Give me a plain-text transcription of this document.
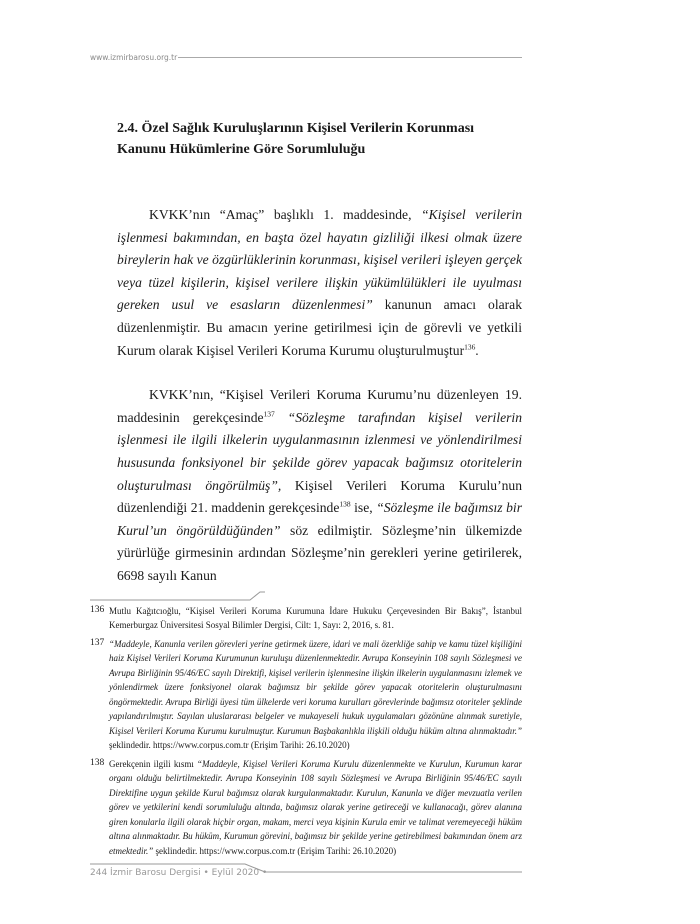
www.izmirbarosu.org.tr
2.4. Özel Sağlık Kuruluşlarının Kişisel Verilerin Korunması Kanunu Hükümlerine Göre Sorumluluğu

KVKK’nın “Amaç” başlıklı 1. maddesinde, “Kişisel verilerin işlenmesi bakımından, en başta özel hayatın gizliliği ilkesi olmak üzere bireylerin hak ve özgürlüklerinin korunması, kişisel verileri işleyen gerçek veya tüzel kişilerin, kişisel verilere ilişkin yükümlülükleri ile uyulması gereken usul ve esasların düzenlenmesi” kanunun amacı olarak düzenlenmiştir. Bu amacın yerine getirilmesi için de görevli ve yetkili Kurum olarak Kişisel Verileri Koruma Kurumu oluşturulmuştur$^{136}$.

KVKK’nın, “Kişisel Verileri Koruma Kurumu’nu düzenleyen 19. maddesinin gerekçesinde$^{137}$ “Sözleşme tarafından kişisel verilerin işlenmesi ile ilgili ilkelerin uygulanmasının izlenmesi ve yönlendirilmesi hususunda fonksiyonel bir şekilde görev yapacak bağımsız otoritelerin oluşturulması öngörülmüş”, Kişisel Verileri Koruma Kurulu’nun düzenlendiği 21. maddenin gerekçesinde$^{138}$ ise, “Sözleşme ile bağımsız bir Kurul’un öngörüldüğünden” söz edilmiştir. Sözleşme’nin ülkemizde yürürlüğe girmesinin ardından Sözleşme’nin gerekleri yerine getirilerek, 6698 sayılı Kanun

136 Mutlu Kağıtcıoğlu, “Kişisel Verileri Koruma Kurumuna İdare Hukuku Çerçevesinden Bir Bakış”, İstanbul Kemerburgaz Üniversitesi Sosyal Bilimler Dergisi, Cilt: 1, Sayı: 2, 2016, s. 81.
137 “Maddeyle, Kanunla verilen görevleri yerine getirmek üzere, idari ve mali özerkliğe sahip ve kamu tüzel kişiliğini haiz Kişisel Verileri Koruma Kurumunun kuruluşu düzenlenmektedir. Avrupa Konseyinin 108 sayılı Sözleşmesi ve Avrupa Birliğinin 95/46/EC sayılı Direktifi, kişisel verilerin işlenmesine ilişkin ilkelerin uygulanmasını izlemek ve yönlendirmek üzere fonksiyonel olarak bağımsız bir şekilde görev yapacak otoritelerin oluşturulmasını öngörmektedir. Avrupa Birliği üyesi tüm ülkelerde veri koruma kurulları görevlerinde bağımsız otoriteler şeklinde yapılandırılmıştır. Sayılan uluslararası belgeler ve mukayeseli hukuk uygulamaları gözönüne alınmak suretiyle, Kişisel Verileri Koruma Kurumu kurulmuştur. Kurumun Başbakanlıkla ilişkili olduğu hüküm altına alınmaktadır.” şeklindedir. https://www.corpus.com.tr (Erişim Tarihi: 26.10.2020)
138 Gerekçenin ilgili kısmı “Maddeyle, Kişisel Verileri Koruma Kurulu düzenlenmekte ve Kurulun, Kurumun karar organı olduğu belirtilmektedir. Avrupa Konseyinin 108 sayılı Sözleşmesi ve Avrupa Birliğinin 95/46/EC sayılı Direktifine uygun şekilde Kurul bağımsız olarak kurgulanmaktadır. Kurulun, Kanunla ve diğer mevzuatla verilen görev ve yetkilerini kendi sorumluluğu altında, bağımsız olarak yerine getireceği ve kullanacağı, görev alanına giren konularla ilgili olarak hiçbir organ, makam, merci veya kişinin Kurula emir ve talimat veremeyeceği hüküm altına alınmaktadır. Bu hüküm, Kurumun görevini, bağımsız bir şekilde yerine getirebilmesi bakımından önem arz etmektedir.” şeklindedir. https://www.corpus.com.tr (Erişim Tarihi: 26.10.2020)
244 İzmir Barosu Dergisi • Eylül 2020 •
